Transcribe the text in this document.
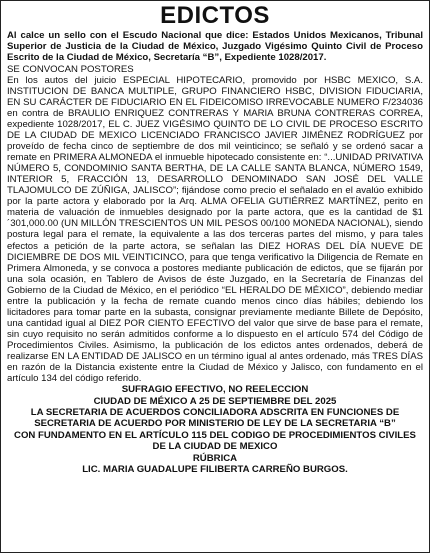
EDICTOS
Al calce un sello con el Escudo Nacional que dice: Estados Unidos Mexicanos, Tribunal Superior de Justicia de la Ciudad de México, Juzgado Vigésimo Quinto Civil de Proceso Escrito de la Ciudad de México, Secretaría “B”, Expediente 1028/2017.
SE CONVOCAN POSTORES

En los autos del juicio ESPECIAL HIPOTECARIO, promovido por HSBC MEXICO, S.A. INSTITUCION DE BANCA MULTIPLE, GRUPO FINANCIERO HSBC, DIVISION FIDUCIARIA, EN SU CARÁCTER DE FIDUCIARIO EN EL FIDEICOMISO IRREVOCABLE NUMERO F/234036 en contra de BRAULIO ENRIQUEZ CONTRERAS Y MARIA BRUNA CONTRERAS CORREA, expediente 1028/2017, EL C. JUEZ VIGÉSIMO QUINTO DE LO CIVIL DE PROCESO ESCRITO DE LA CIUDAD DE MEXICO LICENCIADO FRANCISCO JAVIER JIMÉNEZ RODRÍGUEZ por proveído de fecha cinco de septiembre de dos mil veinticinco; se señaló y se ordenó sacar a remate en PRIMERA ALMONEDA el inmueble hipotecado consistente en: “...UNIDAD PRIVATIVA NÚMERO 5, CONDOMINIO SANTA BERTHA, DE LA CALLE SANTA BLANCA, NÚMERO 1549, INTERIOR 5, FRACCIÓN 13, DESARROLLO DENOMINADO SAN JOSÉ DEL VALLE TLAJOMULCO DE ZÚÑIGA, JALISCO”; fijándose como precio el señalado en el avalúo exhibido por la parte actora y elaborado por la Arq. ALMA OFELIA GUTIÉRREZ MARTÍNEZ, perito en materia de valuación de inmuebles designado por la parte actora, que es la cantidad de $1´301,000.00 (UN MILLÓN TRESCIENTOS UN MIL PESOS 00/100 MONEDA NACIONAL), siendo postura legal para el remate, la equivalente a las dos terceras partes del mismo, y para tales efectos a petición de la parte actora, se señalan las DIEZ HORAS DEL DÍA NUEVE DE DICIEMBRE DE DOS MIL VEINTICINCO, para que tenga verificativo la Diligencia de Remate en Primera Almoneda, y se convoca a postores mediante publicación de edictos, que se fijarán por una sola ocasión, en Tablero de Avisos de éste Juzgado, en la Secretaría de Finanzas del Gobierno de la Ciudad de México, en el periódico “EL HERALDO DE MÉXICO”, debiendo mediar entre la publicación y la fecha de remate cuando menos cinco días hábiles; debiendo los licitadores para tomar parte en la subasta, consignar previamente mediante Billete de Depósito, una cantidad igual al DIEZ POR CIENTO EFECTIVO del valor que sirve de base para el remate, sin cuyo requisito no serán admitidos conforme a lo dispuesto en el artículo 574 del Código de Procedimientos Civiles. Asimismo, la publicación de los edictos antes ordenados, deberá de realizarse EN LA ENTIDAD DE JALISCO en un término igual al antes ordenado, más TRES DÍAS en razón de la Distancia existente entre la Ciudad de México y Jalisco, con fundamento en el artículo 134 del código referido.

SUFRAGIO EFECTIVO, NO REELECCION
CIUDAD DE MÉXICO A 25 DE SEPTIEMBRE DEL 2025
LA SECRETARIA DE ACUERDOS CONCILIADORA ADSCRITA EN FUNCIONES DE
SECRETARIA DE ACUERDO POR MINISTERIO DE LEY DE LA SECRETARIA “B”
CON FUNDAMENTO EN EL ARTÍCULO 115 DEL CODIGO DE PROCEDIMIENTOS CIVILES
DE LA CIUDAD DE MEXICO
RÚBRICA
LIC. MARIA GUADALUPE FILIBERTA CARREÑO BURGOS.
